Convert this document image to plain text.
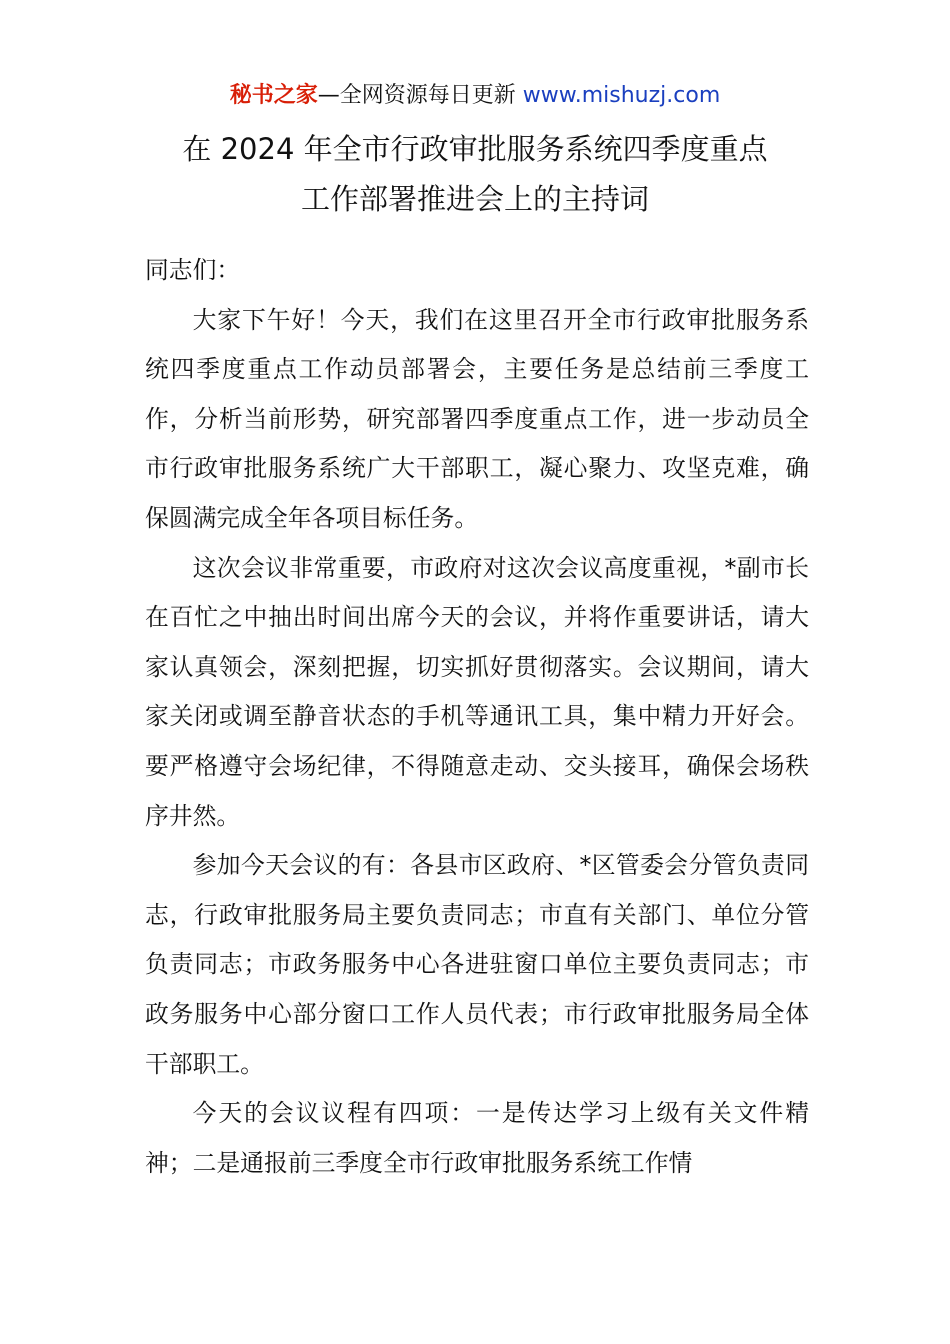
秘书之家—全网资源每日更新 www.mishuzj.com
在 2024 年全市行政审批服务系统四季度重点
工作部署推进会上的主持词

同志们：

大家下午好！今天，我们在这里召开全市行政审批服务系统四季度重点工作动员部署会，主要任务是总结前三季度工作，分析当前形势，研究部署四季度重点工作，进一步动员全市行政审批服务系统广大干部职工，凝心聚力、攻坚克难，确保圆满完成全年各项目标任务。

这次会议非常重要，市政府对这次会议高度重视，*副市长在百忙之中抽出时间出席今天的会议，并将作重要讲话，请大家认真领会，深刻把握，切实抓好贯彻落实。会议期间，请大家关闭或调至静音状态的手机等通讯工具，集中精力开好会。要严格遵守会场纪律，不得随意走动、交头接耳，确保会场秩序井然。

参加今天会议的有：各县市区政府、*区管委会分管负责同志，行政审批服务局主要负责同志；市直有关部门、单位分管负责同志；市政务服务中心各进驻窗口单位主要负责同志；市政务服务中心部分窗口工作人员代表；市行政审批服务局全体干部职工。

今天的会议议程有四项：一是传达学习上级有关文件精神；二是通报前三季度全市行政审批服务系统工作情
